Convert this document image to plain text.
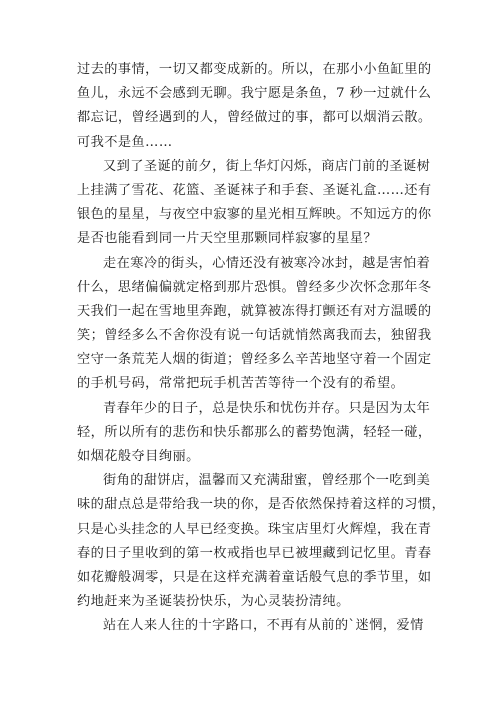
过去的事情，一切又都变成新的。所以，在那小小鱼缸里的
鱼儿，永远不会感到无聊。我宁愿是条鱼，7 秒一过就什么
都忘记，曾经遇到的人，曾经做过的事，都可以烟消云散。
可我不是鱼……
又到了圣诞的前夕，街上华灯闪烁，商店门前的圣诞树
上挂满了雪花、花篮、圣诞袜子和手套、圣诞礼盒……还有
银色的星星，与夜空中寂寥的星光相互辉映。不知远方的你
是否也能看到同一片天空里那颗同样寂寥的星星？
走在寒冷的街头，心情还没有被寒冷冰封，越是害怕着
什么，思绪偏偏就定格到那片恐惧。曾经多少次怀念那年冬
天我们一起在雪地里奔跑，就算被冻得打颤还有对方温暖的
笑；曾经多么不舍你没有说一句话就悄然离我而去，独留我
空守一条荒芜人烟的街道；曾经多么辛苦地坚守着一个固定
的手机号码，常常把玩手机苦苦等待一个没有的希望。
青春年少的日子，总是快乐和忧伤并存。只是因为太年
轻，所以所有的悲伤和快乐都那么的蓄势饱满，轻轻一碰，
如烟花般夺目绚丽。
街角的甜饼店，温馨而又充满甜蜜，曾经那个一吃到美
味的甜点总是带给我一块的你，是否依然保持着这样的习惯，
只是心头挂念的人早已经变换。珠宝店里灯火辉煌，我在青
春的日子里收到的第一枚戒指也早已被埋藏到记忆里。青春
如花瓣般凋零，只是在这样充满着童话般气息的季节里，如
约地赶来为圣诞装扮快乐，为心灵装扮清纯。
站在人来人往的十字路口，不再有从前的`迷惘，爱情
